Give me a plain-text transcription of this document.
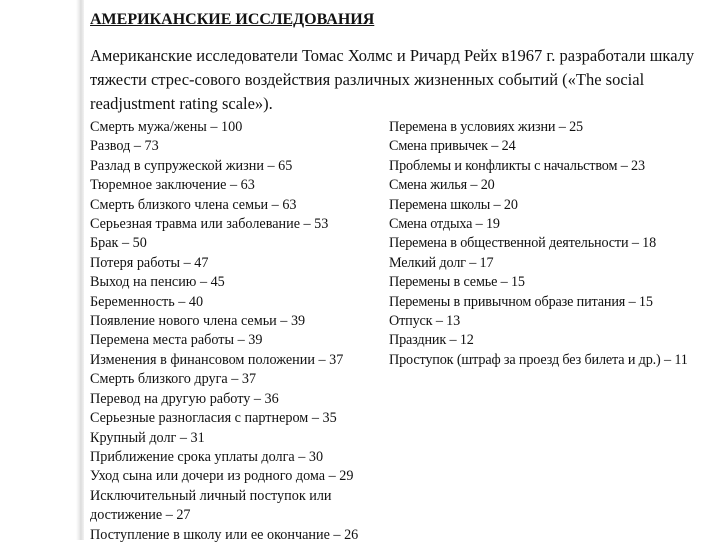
АМЕРИКАНСКИЕ ИССЛЕДОВАНИЯ
Американские исследователи Томас Холмс и Ричард Рейх в1967 г. разработали шкалу тяжести стрес-сового воздействия различных жизненных событий («The social readjustment rating scale»).
Смерть мужа/жены – 100
Развод – 73
Разлад в супружеской жизни – 65
Тюремное заключение – 63
Смерть близкого члена семьи – 63
Серьезная травма или заболевание – 53
Брак – 50
Потеря работы – 47
Выход на пенсию – 45
Беременность – 40
Появление нового члена семьи – 39
Перемена места работы – 39
Изменения в финансовом положении – 37
Смерть близкого друга – 37
Перевод на другую работу – 36
Серьезные разногласия с партнером – 35
Крупный долг – 31
Приближение срока уплаты долга – 30
Уход сына или дочери из родного дома – 29
Исключительный личный поступок или достижение – 27
Поступление в школу или ее окончание – 26
Перемена в условиях жизни – 25
Смена привычек – 24
Проблемы и конфликты с начальством – 23
Смена жилья – 20
Перемена школы – 20
Смена отдыха – 19
Перемена в общественной деятельности – 18
Мелкий долг – 17
Перемены в семье – 15
Перемены в привычном образе питания – 15
Отпуск – 13
Праздник – 12
Проступок (штраф за проезд без билета и др.) – 11
